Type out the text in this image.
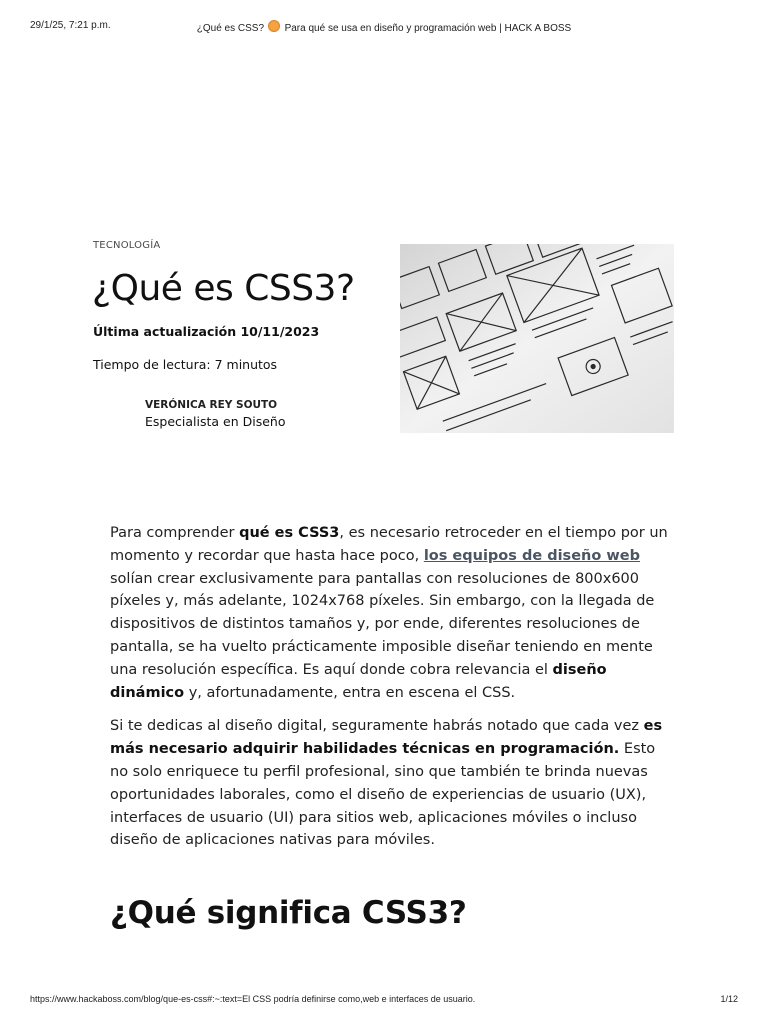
29/1/25, 7:21 p.m.	¿Qué es CSS? Para qué se usa en diseño y programación web | HACK A BOSS
TECNOLOGÍA
¿Qué es CSS3?
Última actualización 10/11/2023
Tiempo de lectura: 7 minutos
VERÓNICA REY SOUTO
Especialista en Diseño

Para comprender qué es CSS3, es necesario retroceder en el tiempo por un momento y recordar que hasta hace poco, los equipos de diseño web solían crear exclusivamente para pantallas con resoluciones de 800x600 píxeles y, más adelante, 1024x768 píxeles. Sin embargo, con la llegada de dispositivos de distintos tamaños y, por ende, diferentes resoluciones de pantalla, se ha vuelto prácticamente imposible diseñar teniendo en mente una resolución específica. Es aquí donde cobra relevancia el diseño dinámico y, afortunadamente, entra en escena el CSS.

Si te dedicas al diseño digital, seguramente habrás notado que cada vez es más necesario adquirir habilidades técnicas en programación. Esto no solo enriquece tu perfil profesional, sino que también te brinda nuevas oportunidades laborales, como el diseño de experiencias de usuario (UX), interfaces de usuario (UI) para sitios web, aplicaciones móviles o incluso diseño de aplicaciones nativas para móviles.

¿Qué significa CSS3?
https://www.hackaboss.com/blog/que-es-css#:~:text=El CSS podría definirse como,web e interfaces de usuario.	1/12
